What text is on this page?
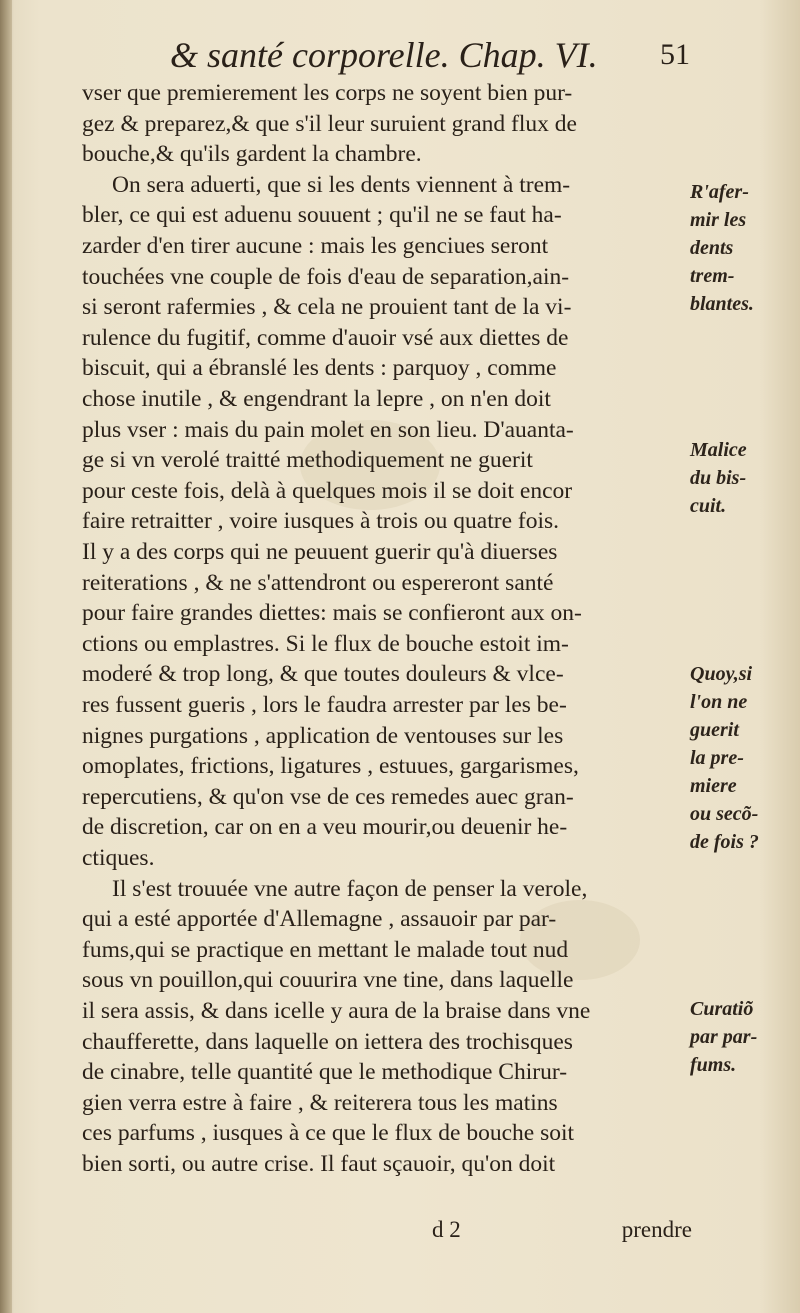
& santé corporelle. Chap. VI. 51
vser que premierement les corps ne soyent bien pur-
gez & preparez,& que s'il leur suruient grand flux de
bouche,& qu'ils gardent la chambre.
On sera aduerti, que si les dents viennent à trem-
bler, ce qui est aduenu souuent ; qu'il ne se faut ha-
zarder d'en tirer aucune : mais les genciues seront
touchées vne couple de fois d'eau de separation,ain-
si seront rafermies , & cela ne prouient tant de la vi-
rulence du fugitif, comme d'auoir vsé aux diettes de
biscuit, qui a ébranslé les dents : parquoy , comme
chose inutile , & engendrant la lepre , on n'en doit
plus vser : mais du pain molet en son lieu. D'auanta-
ge si vn verolé traitté methodiquement ne guerit
pour ceste fois, delà à quelques mois il se doit encor
faire retraitter , voire iusques à trois ou quatre fois.
Il y a des corps qui ne peuuent guerir qu'à diuerses
reiterations , & ne s'attendront ou espereront santé
pour faire grandes diettes: mais se confieront aux on-
ctions ou emplastres. Si le flux de bouche estoit im-
moderé & trop long, & que toutes douleurs & vlce-
res fussent gueris , lors le faudra arrester par les be-
nignes purgations , application de ventouses sur les
omoplates, frictions, ligatures , estuues, gargarismes,
repercutiens, & qu'on vse de ces remedes auec gran-
de discretion, car on en a veu mourir,ou deuenir he-
ctiques.
Il s'est trouuée vne autre façon de penser la verole,
qui a esté apportée d'Allemagne , assauoir par par-
fums,qui se practique en mettant le malade tout nud
sous vn pouillon,qui couurira vne tine, dans laquelle
il sera assis, & dans icelle y aura de la braise dans vne
chaufferette, dans laquelle on iettera des trochisques
de cinabre, telle quantité que le methodique Chirur-
gien verra estre à faire , & reiterera tous les matins
ces parfums , iusques à ce que le flux de bouche soit
bien sorti, ou autre crise. Il faut sçauoir, qu'on doit
R'afer-
mir les
dents
trem-
blantes.
Malice
du bis-
cuit.
Quoy,si
l'on ne
guerit
la pre-
miere
ou secõ-
de fois ?
Curatiõ
par par-
fums.
d 2	prendre
